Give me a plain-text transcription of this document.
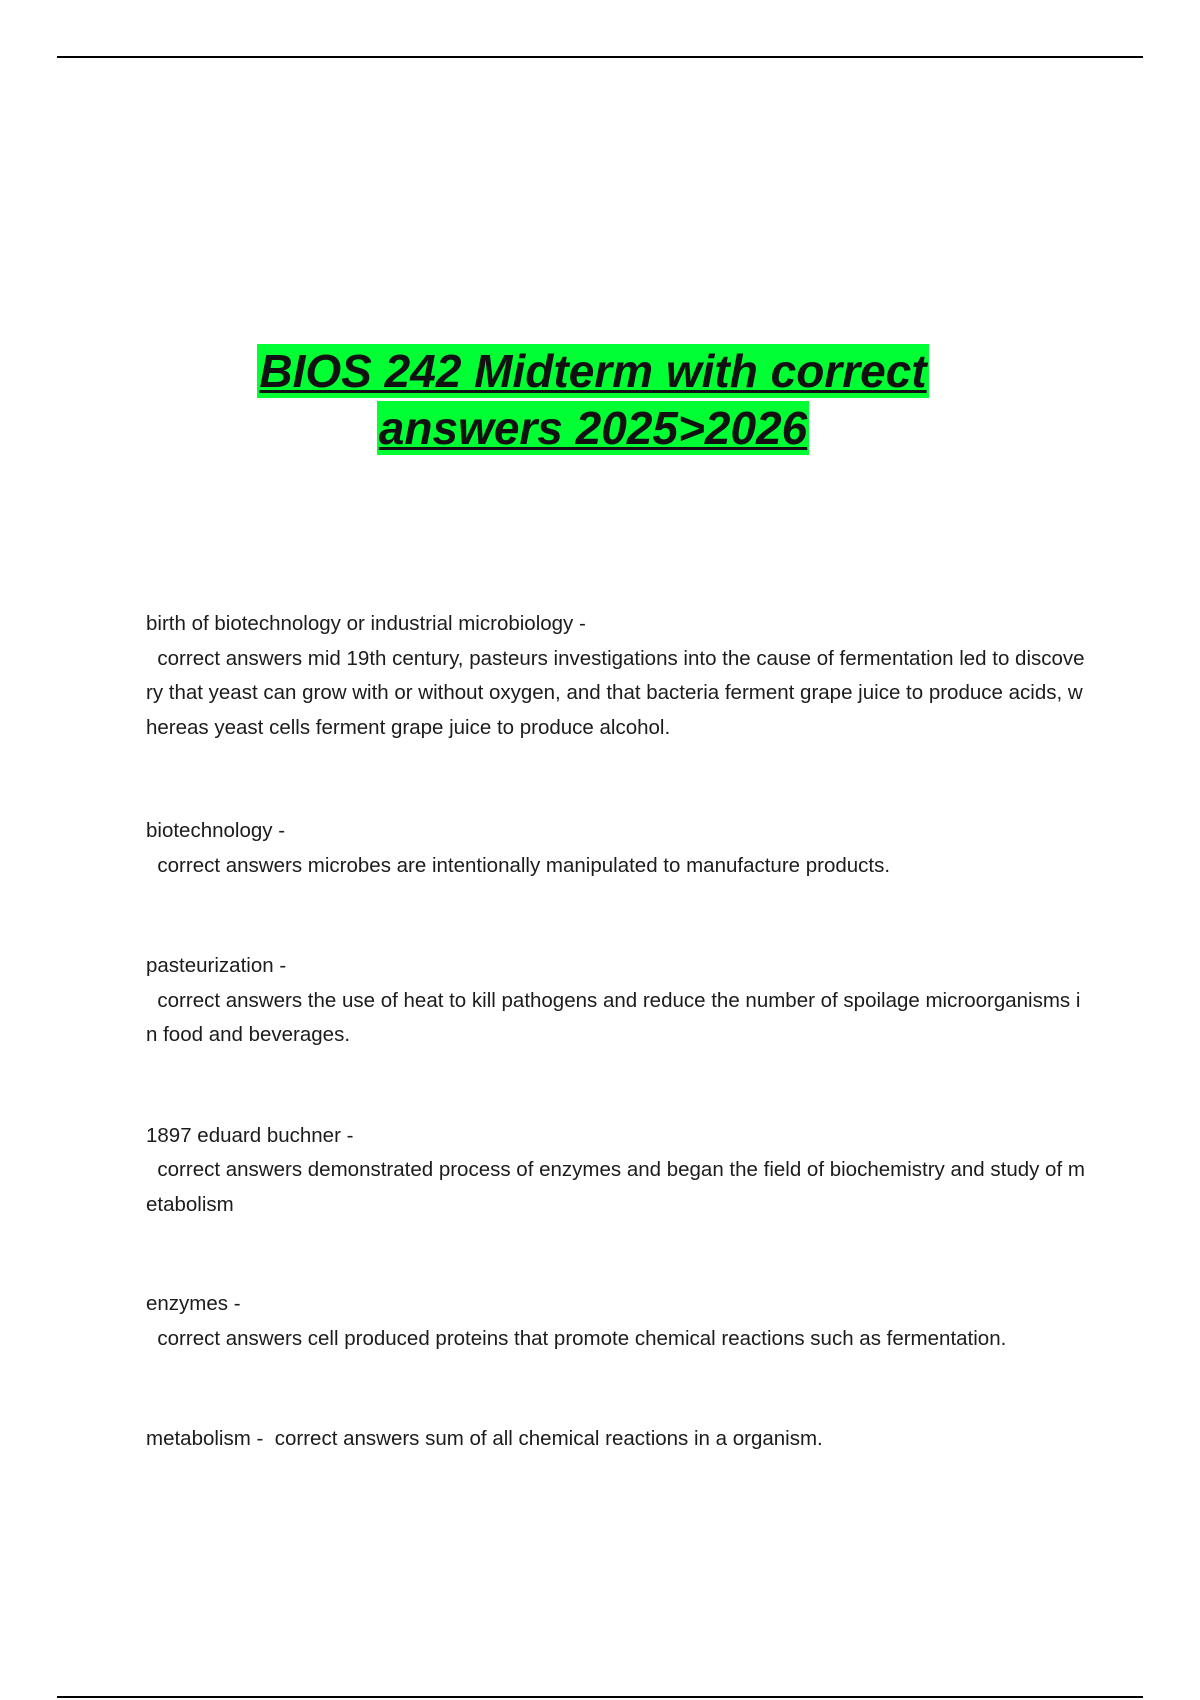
BIOS 242 Midterm with correct
answers 2025>2026
birth of biotechnology or industrial microbiology -
correct answers mid 19th century, pasteurs investigations into the cause of fermentation led to discovery that yeast can grow with or without oxygen, and that bacteria ferment grape juice to produce acids, whereas yeast cells ferment grape juice to produce alcohol.
biotechnology -
correct answers microbes are intentionally manipulated to manufacture products.
pasteurization -
correct answers the use of heat to kill pathogens and reduce the number of spoilage microorganisms in food and beverages.
1897 eduard buchner -
correct answers demonstrated process of enzymes and began the field of biochemistry and study of metabolism
enzymes -
correct answers cell produced proteins that promote chemical reactions such as fermentation.
metabolism -  correct answers sum of all chemical reactions in a organism.
